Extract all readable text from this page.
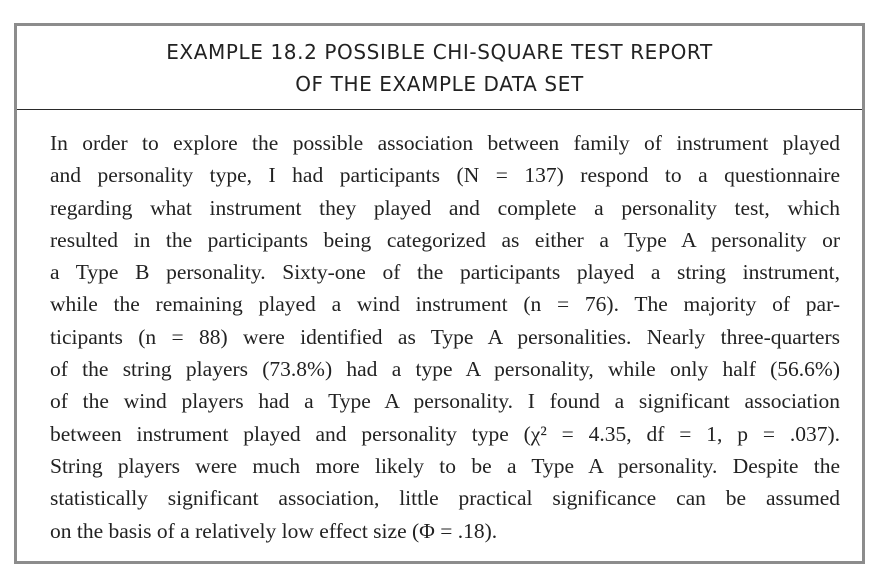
EXAMPLE 18.2 POSSIBLE CHI-SQUARE TEST REPORT
OF THE EXAMPLE DATA SET
In order to explore the possible association between family of instrument played
and personality type, I had participants (N = 137) respond to a questionnaire
regarding what instrument they played and complete a personality test, which
resulted in the participants being categorized as either a Type A personality or
a Type B personality. Sixty-one of the participants played a string instrument,
while the remaining played a wind instrument (n = 76). The majority of par-
ticipants (n = 88) were identified as Type A personalities. Nearly three-quarters
of the string players (73.8%) had a type A personality, while only half (56.6%)
of the wind players had a Type A personality. I found a significant association
between instrument played and personality type (χ² = 4.35, df = 1, p = .037).
String players were much more likely to be a Type A personality. Despite the
statistically significant association, little practical significance can be assumed
on the basis of a relatively low effect size (Φ = .18).
